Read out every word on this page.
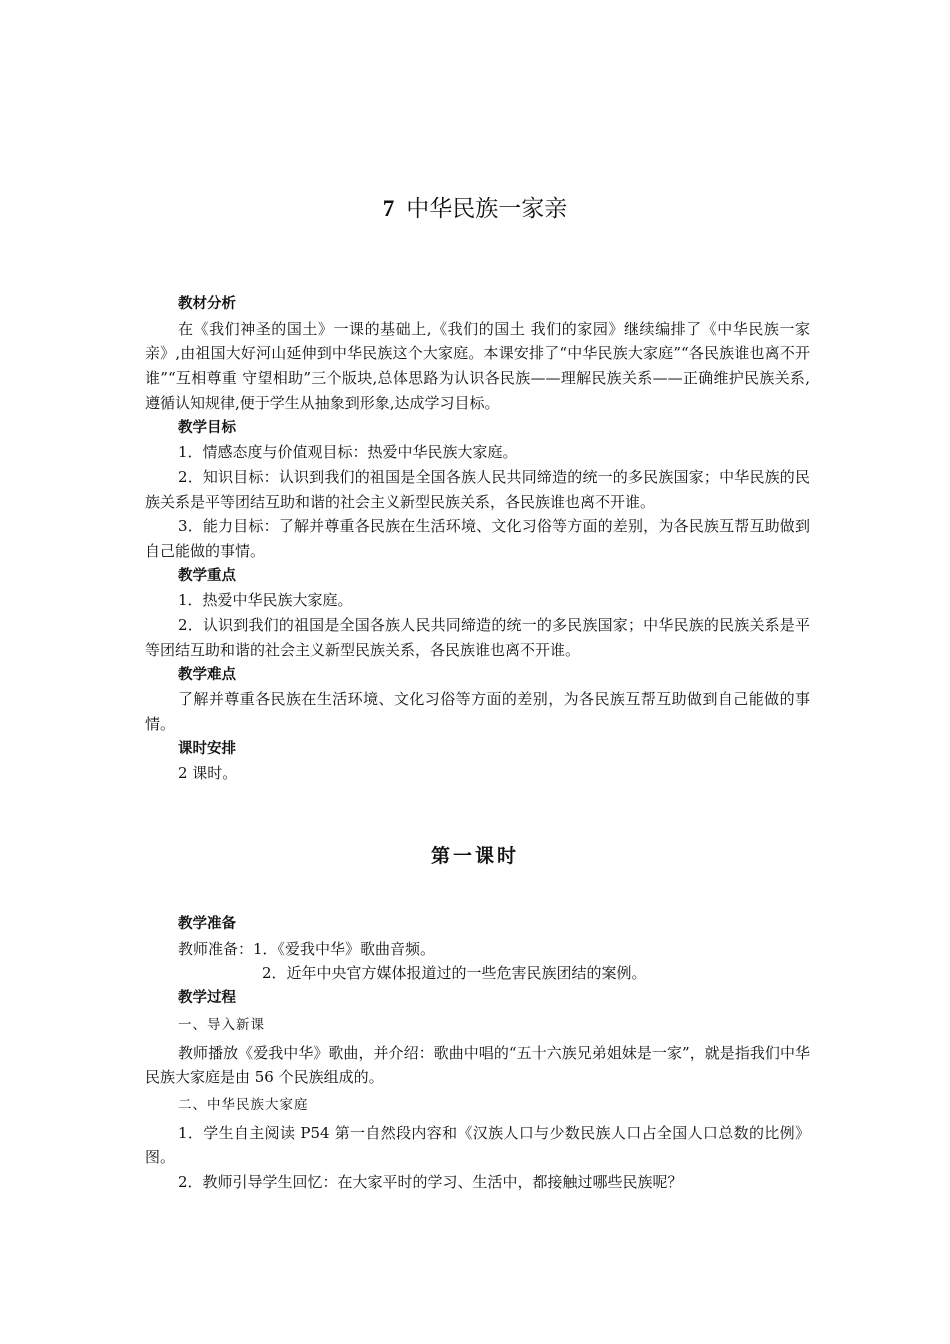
7 中华民族一家亲

教材分析

在《我们神圣的国土》一课的基础上,《我们的国土 我们的家园》继续编排了《中华民族一家亲》,由祖国大好河山延伸到中华民族这个大家庭。本课安排了“中华民族大家庭”“各民族谁也离不开谁”“互相尊重 守望相助”三个版块,总体思路为认识各民族——理解民族关系——正确维护民族关系,遵循认知规律,便于学生从抽象到形象,达成学习目标。

教学目标

1．情感态度与价值观目标：热爱中华民族大家庭。

2．知识目标：认识到我们的祖国是全国各族人民共同缔造的统一的多民族国家；中华民族的民族关系是平等团结互助和谐的社会主义新型民族关系，各民族谁也离不开谁。

3．能力目标：了解并尊重各民族在生活环境、文化习俗等方面的差别，为各民族互帮互助做到自己能做的事情。

教学重点

1．热爱中华民族大家庭。

2．认识到我们的祖国是全国各族人民共同缔造的统一的多民族国家；中华民族的民族关系是平等团结互助和谐的社会主义新型民族关系，各民族谁也离不开谁。

教学难点

了解并尊重各民族在生活环境、文化习俗等方面的差别，为各民族互帮互助做到自己能做的事情。

课时安排

2 课时。

第一课时

教学准备

教师准备：1．《爱我中华》歌曲音频。

2．近年中央官方媒体报道过的一些危害民族团结的案例。

教学过程

一、导入新课

教师播放《爱我中华》歌曲，并介绍：歌曲中唱的“五十六族兄弟姐妹是一家”，就是指我们中华民族大家庭是由 56 个民族组成的。

二、中华民族大家庭

1．学生自主阅读 P54 第一自然段内容和《汉族人口与少数民族人口占全国人口总数的比例》图。

2．教师引导学生回忆：在大家平时的学习、生活中，都接触过哪些民族呢？
